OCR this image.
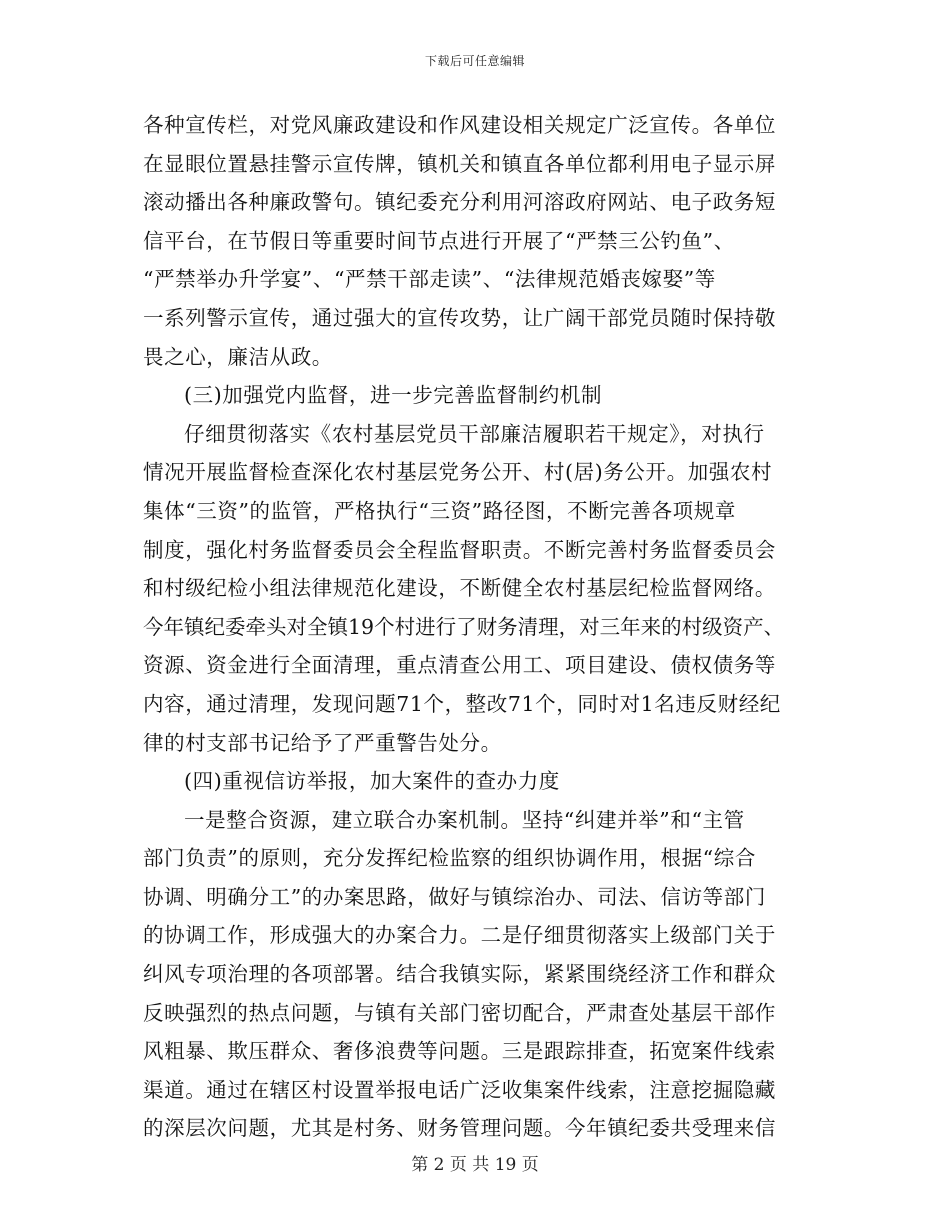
下载后可任意编辑
各种宣传栏，对党风廉政建设和作风建设相关规定广泛宣传。各单位
在显眼位置悬挂警示宣传牌，镇机关和镇直各单位都利用电子显示屏
滚动播出各种廉政警句。镇纪委充分利用河溶政府网站、电子政务短
信平台，在节假日等重要时间节点进行开展了“严禁三公钓鱼”、
“严禁举办升学宴”、“严禁干部走读”、“法律规范婚丧嫁娶”等
一系列警示宣传，通过强大的宣传攻势，让广阔干部党员随时保持敬
畏之心，廉洁从政。
(三)加强党内监督，进一步完善监督制约机制
仔细贯彻落实《农村基层党员干部廉洁履职若干规定》，对执行
情况开展监督检查深化农村基层党务公开、村(居)务公开。加强农村
集体“三资”的监管，严格执行“三资”路径图，不断完善各项规章
制度，强化村务监督委员会全程监督职责。不断完善村务监督委员会
和村级纪检小组法律规范化建设，不断健全农村基层纪检监督网络。
今年镇纪委牵头对全镇19个村进行了财务清理，对三年来的村级资产、
资源、资金进行全面清理，重点清查公用工、项目建设、债权债务等
内容，通过清理，发现问题71个，整改71个，同时对1名违反财经纪
律的村支部书记给予了严重警告处分。
(四)重视信访举报，加大案件的查办力度
一是整合资源，建立联合办案机制。坚持“纠建并举”和“主管
部门负责”的原则，充分发挥纪检监察的组织协调作用，根据“综合
协调、明确分工”的办案思路，做好与镇综治办、司法、信访等部门
的协调工作，形成强大的办案合力。二是仔细贯彻落实上级部门关于
纠风专项治理的各项部署。结合我镇实际，紧紧围绕经济工作和群众
反映强烈的热点问题，与镇有关部门密切配合，严肃查处基层干部作
风粗暴、欺压群众、奢侈浪费等问题。三是跟踪排查，拓宽案件线索
渠道。通过在辖区村设置举报电话广泛收集案件线索，注意挖掘隐藏
的深层次问题，尤其是村务、财务管理问题。今年镇纪委共受理来信
第 2 页 共 19 页
